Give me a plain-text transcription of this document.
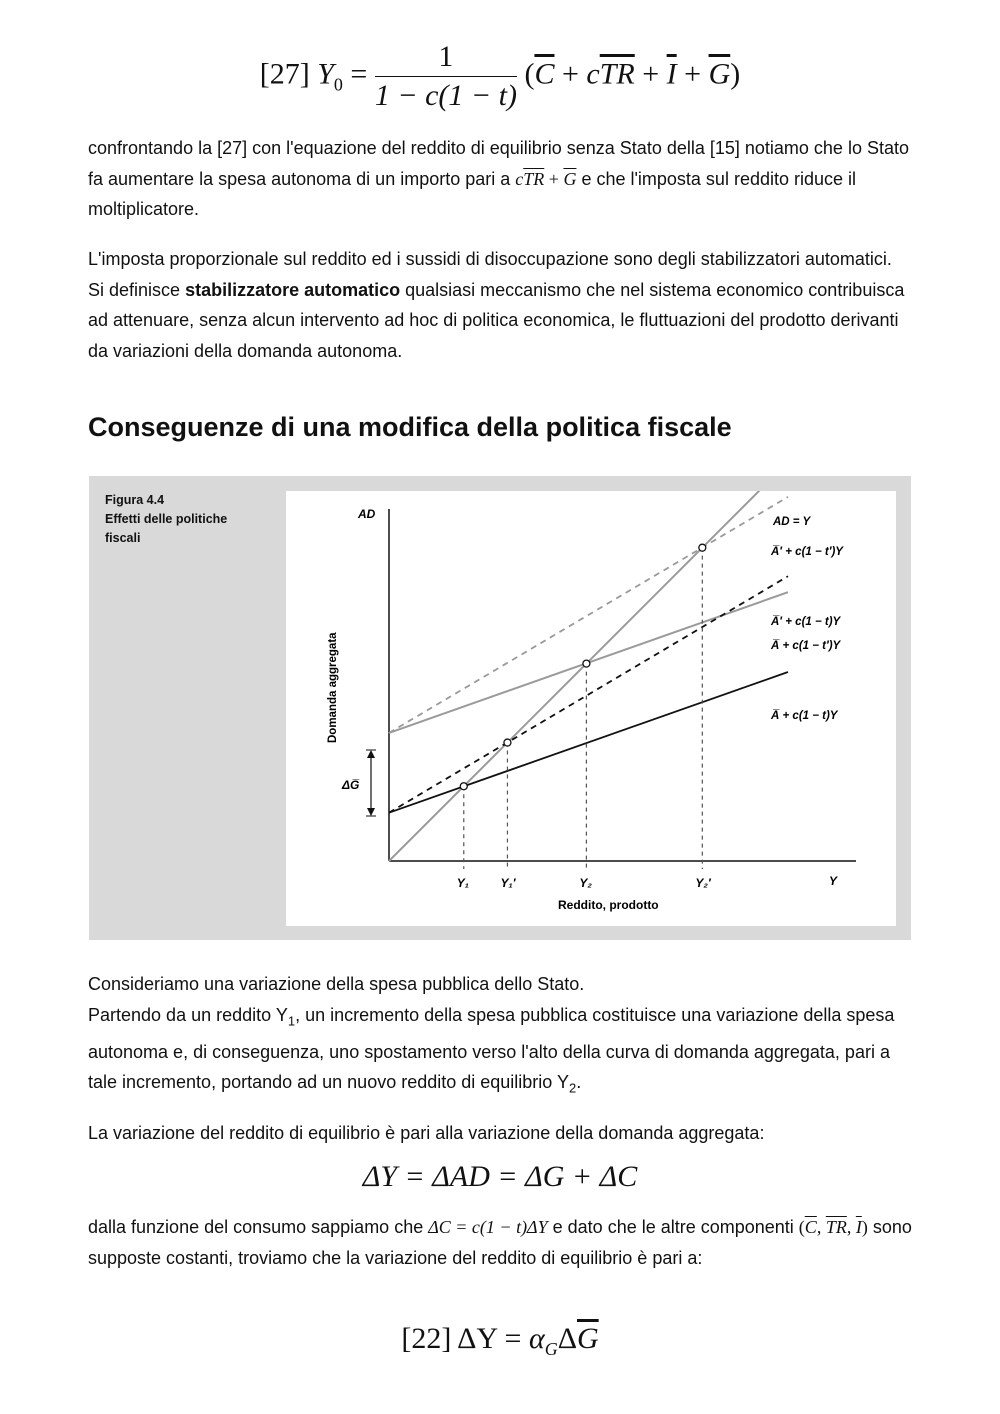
[27] $Y_0 = \frac{1}{1 - c(1 - t)} (\overline{C} + c\overline{TR} + \overline{I} + \overline{G})$

confrontando la [27] con l'equazione del reddito di equilibrio senza Stato della [15] notiamo che lo Stato fa aumentare la spesa autonoma di un importo pari a $c\overline{TR} + \overline{G}$ e che l'imposta sul reddito riduce il moltiplicatore.

L'imposta proporzionale sul reddito ed i sussidi di disoccupazione sono degli stabilizzatori automatici.
Si definisce stabilizzatore automatico qualsiasi meccanismo che nel sistema economico contribuisca ad attenuare, senza alcun intervento ad hoc di politica economica, le fluttuazioni del prodotto derivanti da variazioni della domanda autonoma.

Conseguenze di una modifica della politica fiscale
Figura 4.4
Effetti delle politiche
fiscali
AD
Domanda aggregata
Reddito, prodotto
Y
ΔG̅
Y₁	Y₁′	Y₂	Y₂′
AD = Y
A̅′ + c(1 − t′)Y
A̅′ + c(1 − t)Y
A̅ + c(1 − t′)Y
A̅ + c(1 − t)Y

Consideriamo una variazione della spesa pubblica dello Stato.
Partendo da un reddito $Y_1$, un incremento della spesa pubblica costituisce una variazione della spesa autonoma e, di conseguenza, uno spostamento verso l'alto della curva di domanda aggregata, pari a tale incremento, portando ad un nuovo reddito di equilibrio $Y_2$.

La variazione del reddito di equilibrio è pari alla variazione della domanda aggregata:

ΔY = ΔAD = ΔG + ΔC

dalla funzione del consumo sappiamo che ΔC = c(1 − t)ΔY e dato che le altre componenti ($\overline{C}$, $\overline{TR}$, $\overline{I}$) sono supposte costanti, troviamo che la variazione del reddito di equilibrio è pari a:

[22] $\Delta Y = \alpha_G\Delta\overline{G}$
